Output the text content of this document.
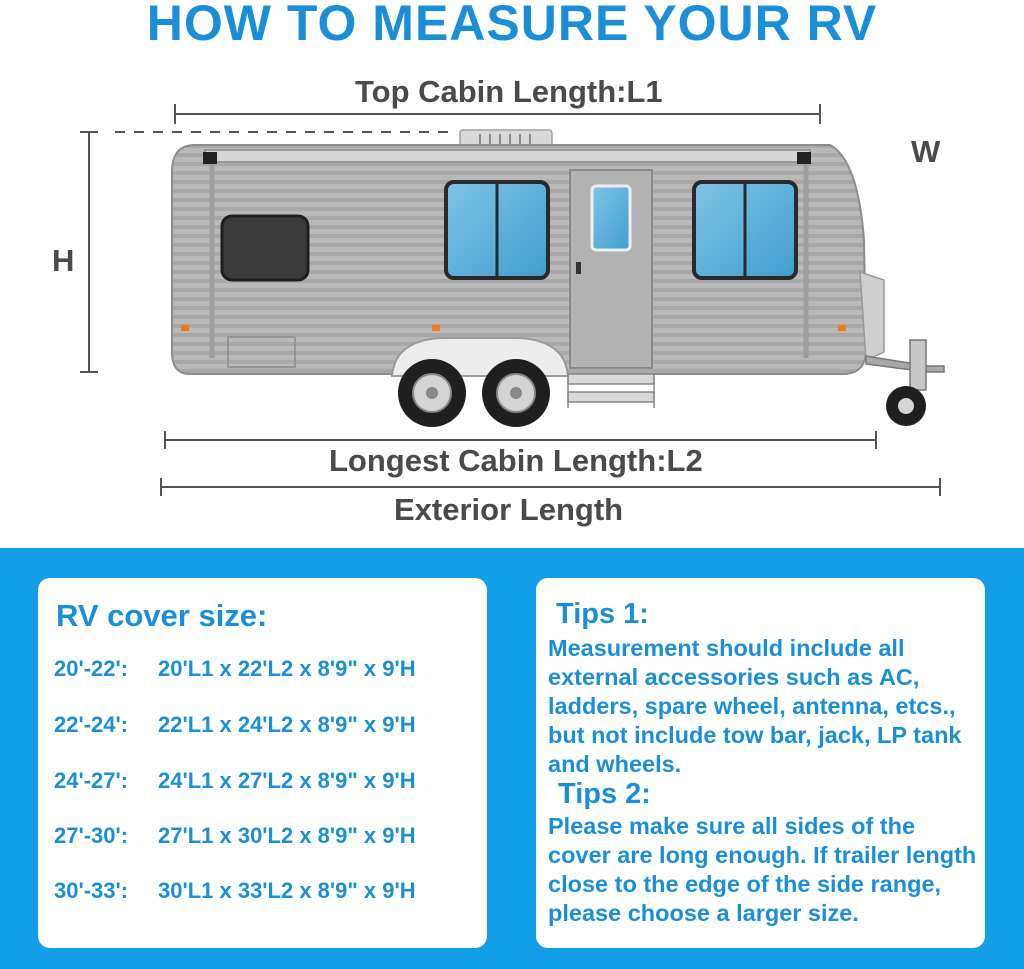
HOW TO MEASURE YOUR RV
Top Cabin Length:L1
W
H
Longest Cabin Length:L2
Exterior Length
RV cover size:
20'-22': 20'L1 x 22'L2 x 8'9" x 9'H
22'-24': 22'L1 x 24'L2 x 8'9" x 9'H
24'-27': 24'L1 x 27'L2 x 8'9" x 9'H
27'-30': 27'L1 x 30'L2 x 8'9" x 9'H
30'-33': 30'L1 x 33'L2 x 8'9" x 9'H
Tips 1:
Measurement should include all external accessories such as AC, ladders, spare wheel, antenna, etcs., but not include tow bar, jack, LP tank and wheels.
Tips 2:
Please make sure all sides of the cover are long enough. If trailer length close to the edge of the side range, please choose a larger size.
